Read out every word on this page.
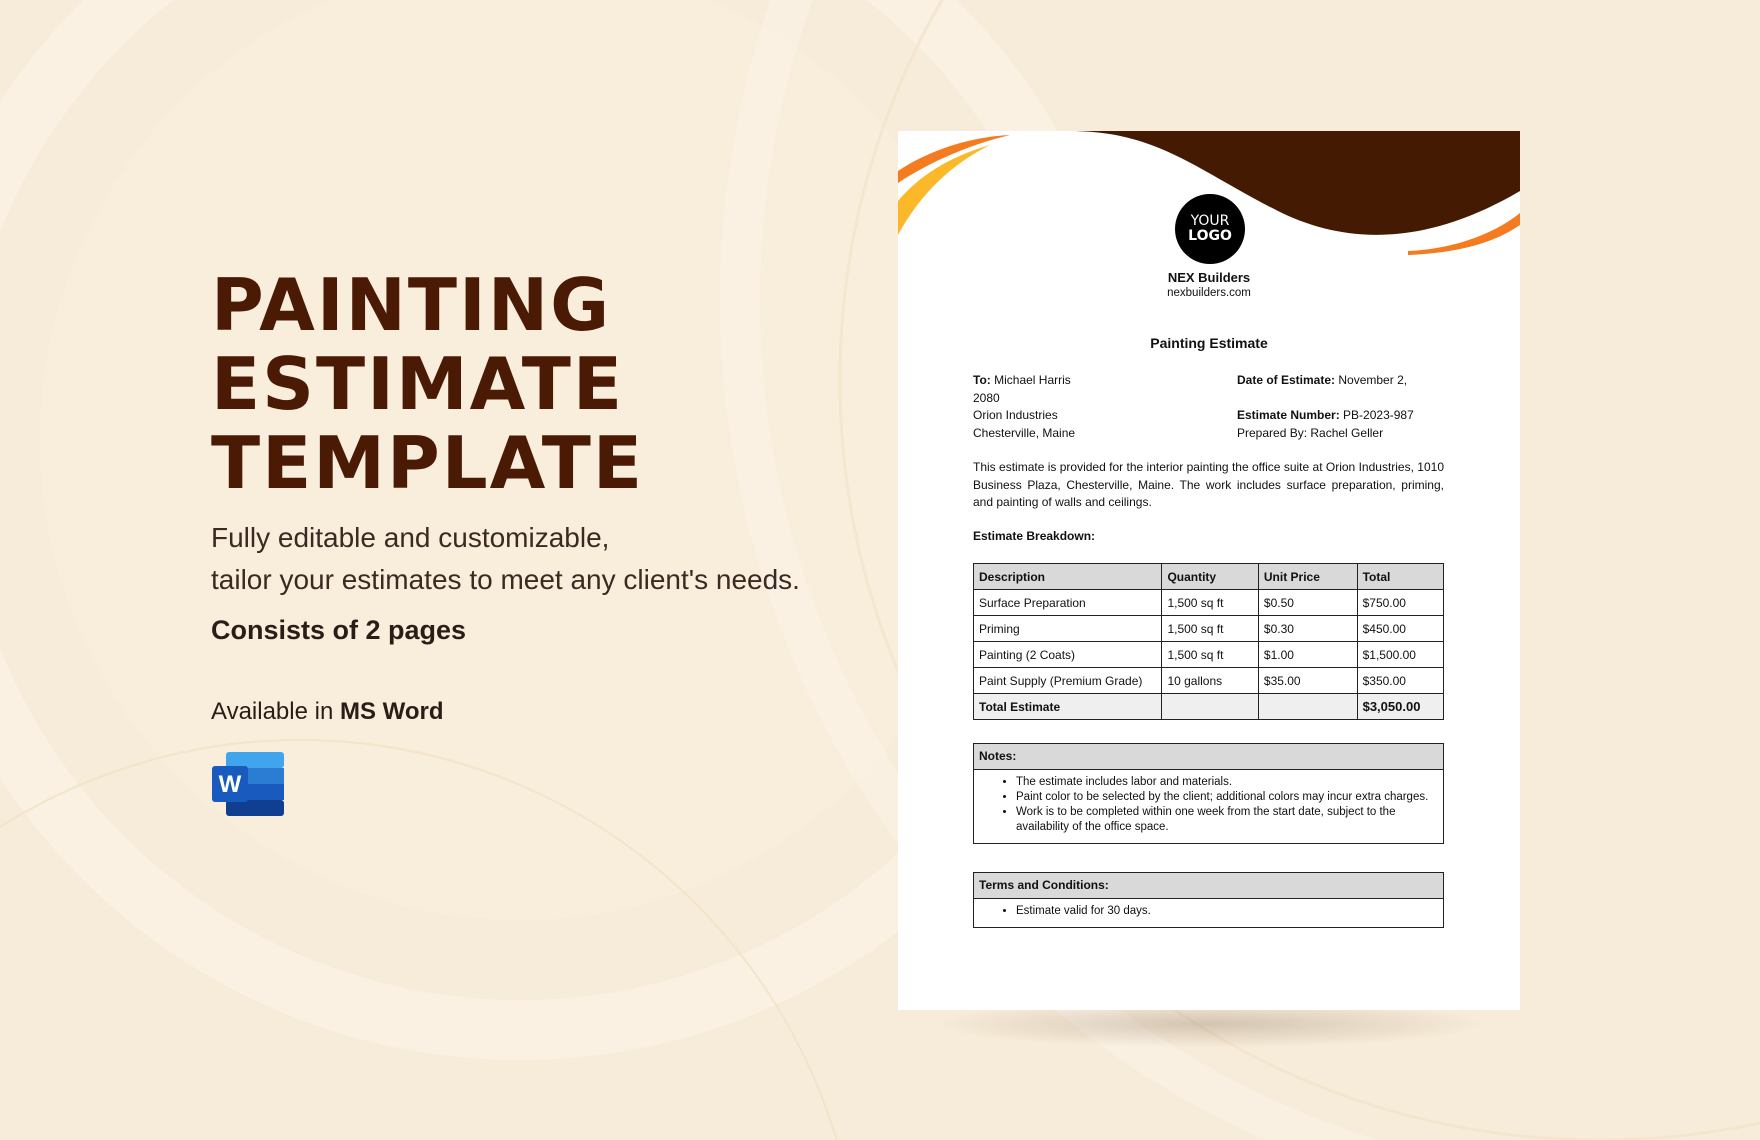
PAINTING
ESTIMATE
TEMPLATE
Fully editable and customizable,
tailor your estimates to meet any client's needs.
Consists of 2 pages
Available in MS Word
W
YOUR
LOGO
NEX Builders
nexbuilders.com
Painting Estimate
To: Michael Harris
2080
Orion Industries
Chesterville, Maine
Date of Estimate: November 2,
Estimate Number: PB-2023-987
Prepared By: Rachel Geller
This estimate is provided for the interior painting the office suite at Orion Industries, 1010 Business Plaza, Chesterville, Maine. The work includes surface preparation, priming, and painting of walls and ceilings.
Estimate Breakdown:
Description	Quantity	Unit Price	Total
Surface Preparation	1,500 sq ft	$0.50	$750.00
Priming	1,500 sq ft	$0.30	$450.00
Painting (2 Coats)	1,500 sq ft	$1.00	$1,500.00
Paint Supply (Premium Grade)	10 gallons	$35.00	$350.00
Total Estimate			$3,050.00
Notes:
• The estimate includes labor and materials.
• Paint color to be selected by the client; additional colors may incur extra charges.
• Work is to be completed within one week from the start date, subject to the availability of the office space.
Terms and Conditions:
• Estimate valid for 30 days.
